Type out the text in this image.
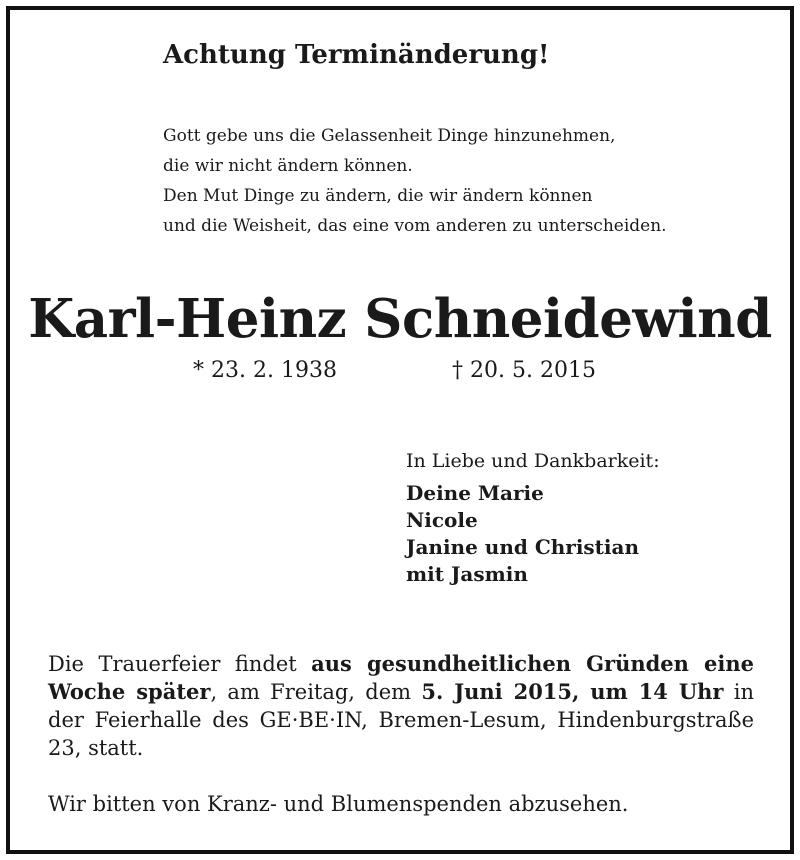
Achtung Terminänderung!
Gott gebe uns die Gelassenheit Dinge hinzunehmen,
die wir nicht ändern können.
Den Mut Dinge zu ändern, die wir ändern können
und die Weisheit, das eine vom anderen zu unterscheiden.
Karl-Heinz Schneidewind
* 23. 2. 1938	† 20. 5. 2015
In Liebe und Dankbarkeit:
Deine Marie
Nicole
Janine und Christian
mit Jasmin
Die Trauerfeier findet aus gesundheitlichen Gründen eine Woche später, am Freitag, dem 5. Juni 2015, um 14 Uhr in der Feierhalle des GE·BE·IN, Bremen-Lesum, Hindenburgstraße 23, statt.
Wir bitten von Kranz- und Blumenspenden abzusehen.
